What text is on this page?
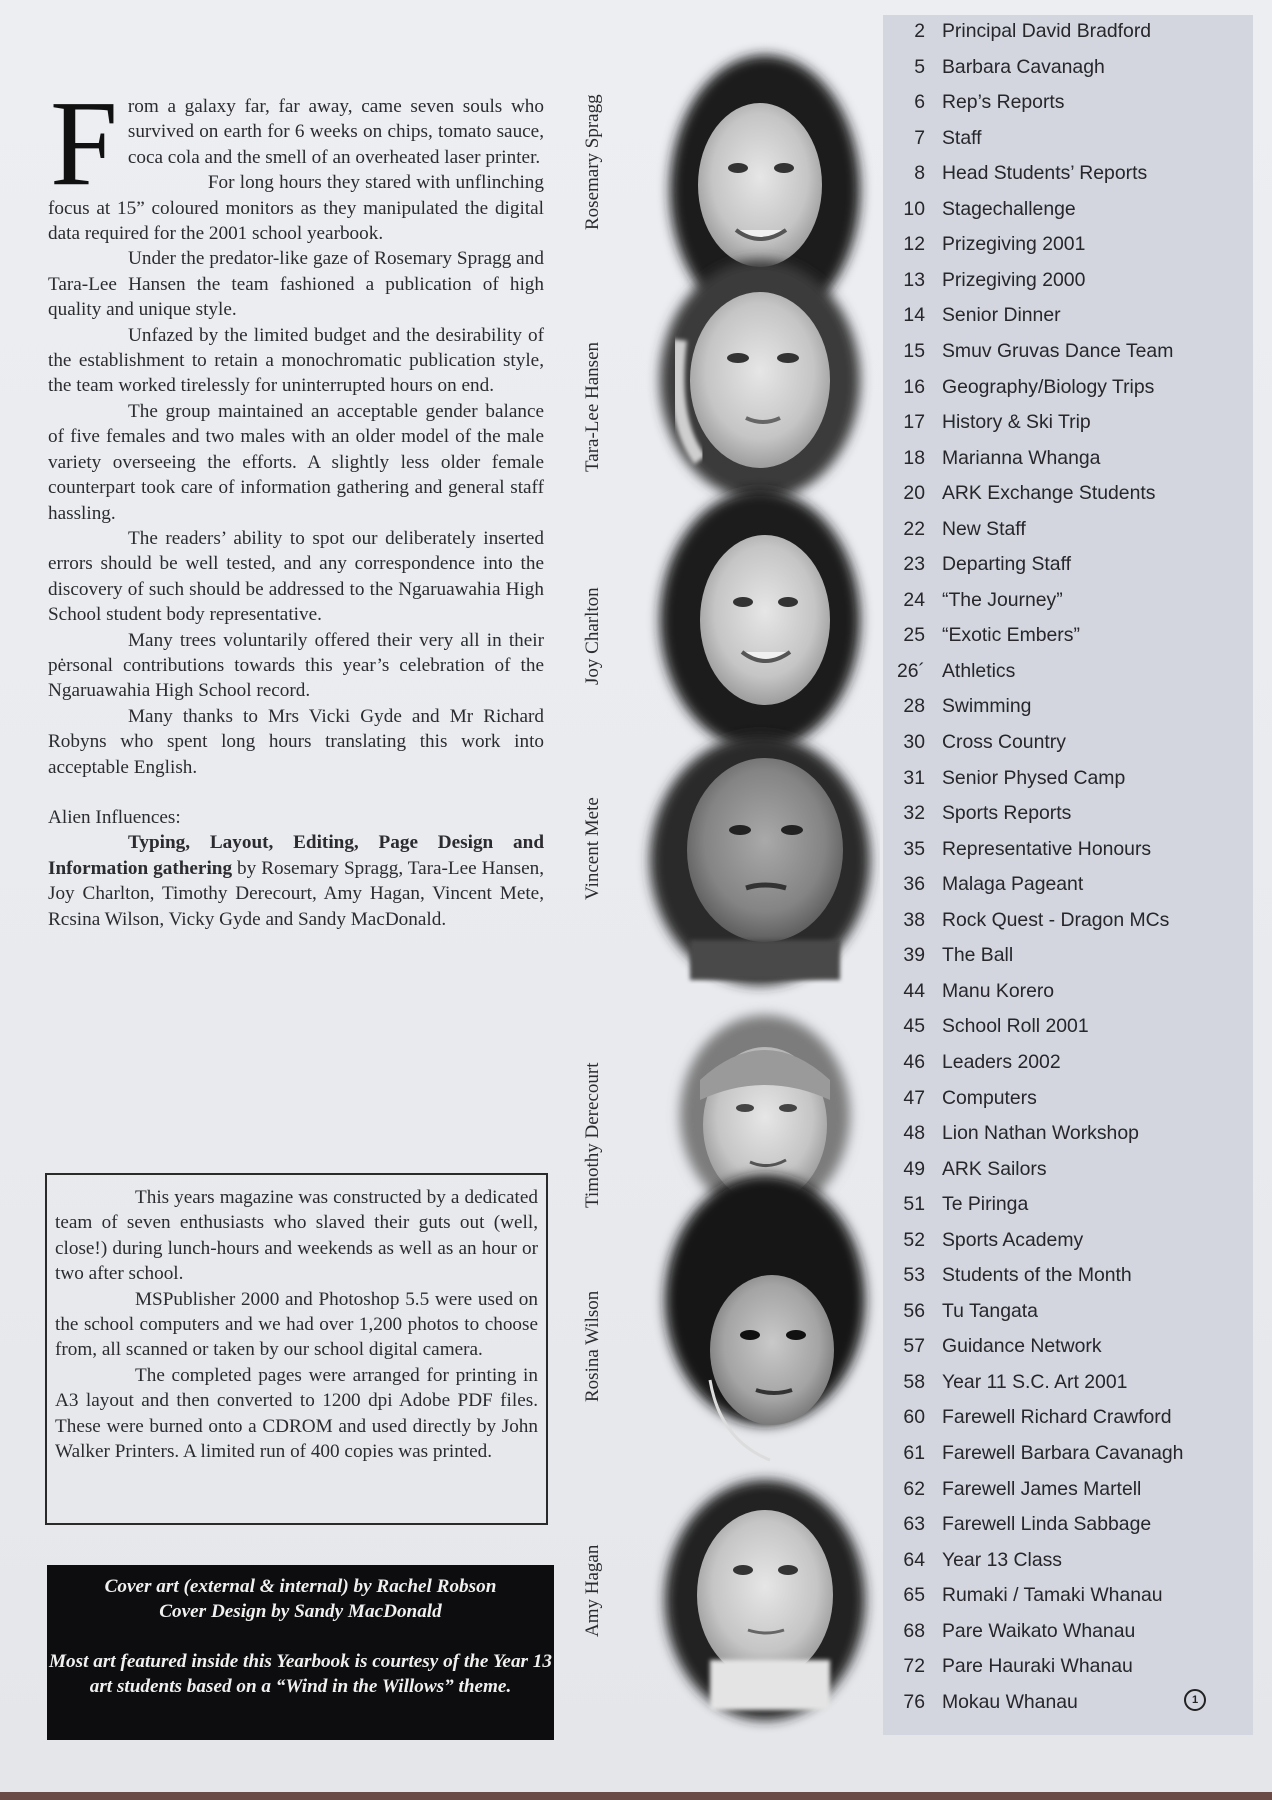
From a galaxy far, far away, came seven souls who survived on earth for 6 weeks on chips, tomato sauce, coca cola and the smell of an overheated laser printer.

For long hours they stared with unflinching focus at 15” coloured monitors as they manipulated the digital data required for the 2001 school yearbook.

Under the predator-like gaze of Rosemary Spragg and Tara-Lee Hansen the team fashioned a publication of high quality and unique style.

Unfazed by the limited budget and the desirability of the establishment to retain a monochromatic publication style, the team worked tirelessly for uninterrupted hours on end.

The group maintained an acceptable gender balance of five females and two males with an older model of the male variety overseeing the efforts. A slightly less older female counterpart took care of information gathering and general staff hassling.

The readers’ ability to spot our deliberately inserted errors should be well tested, and any correspondence into the discovery of such should be addressed to the Ngaruawahia High School student body representative.

Many trees voluntarily offered their very all in their pėrsonal contributions towards this year’s celebration of the Ngaruawahia High School record.

Many thanks to Mrs Vicki Gyde and Mr Richard Robyns who spent long hours translating this work into acceptable English.

Alien Influences:

Typing, Layout, Editing, Page Design and Information gathering by Rosemary Spragg, Tara-Lee Hansen, Joy Charlton, Timothy Derecourt, Amy Hagan, Vincent Mete, Rcsina Wilson, Vicky Gyde and Sandy MacDonald.

This years magazine was constructed by a dedicated team of seven enthusiasts who slaved their guts out (well, close!) during lunch-hours and weekends as well as an hour or two after school.

MSPublisher 2000 and Photoshop 5.5 were used on the school computers and we had over 1,200 photos to choose from, all scanned or taken by our school digital camera.

The completed pages were arranged for printing in A3 layout and then converted to 1200 dpi Adobe PDF files. These were burned onto a CDROM and used directly by John Walker Printers. A limited run of 400 copies was printed.

Cover art (external & internal) by Rachel Robson

Cover Design by Sandy MacDonald

Most art featured inside this Yearbook is courtesy of the Year 13 art students based on a “Wind in the Willows” theme.

Rosemary Spragg
Tara-Lee Hansen
Joy Charlton
Vincent Mete
Timothy Derecourt
Rosina Wilson
Amy Hagan
2 Principal David Bradford
5 Barbara Cavanagh
6 Rep’s Reports
7 Staff
8 Head Students’ Reports
10 Stagechallenge
12 Prizegiving 2001
13 Prizegiving 2000
14 Senior Dinner
15 Smuv Gruvas Dance Team
16 Geography/Biology Trips
17 History & Ski Trip
18 Marianna Whanga
20 ARK Exchange Students
22 New Staff
23 Departing Staff
24 “The Journey”
25 “Exotic Embers”
26´ Athletics
28 Swimming
30 Cross Country
31 Senior Physed Camp
32 Sports Reports
35 Representative Honours
36 Malaga Pageant
38 Rock Quest - Dragon MCs
39 The Ball
44 Manu Korero
45 School Roll 2001
46 Leaders 2002
47 Computers
48 Lion Nathan Workshop
49 ARK Sailors
51 Te Piringa
52 Sports Academy
53 Students of the Month
56 Tu Tangata
57 Guidance Network
58 Year 11 S.C. Art 2001
60 Farewell Richard Crawford
61 Farewell Barbara Cavanagh
62 Farewell James Martell
63 Farewell Linda Sabbage
64 Year 13 Class
65 Rumaki / Tamaki Whanau
68 Pare Waikato Whanau
72 Pare Hauraki Whanau
76 Mokau Whanau	1
